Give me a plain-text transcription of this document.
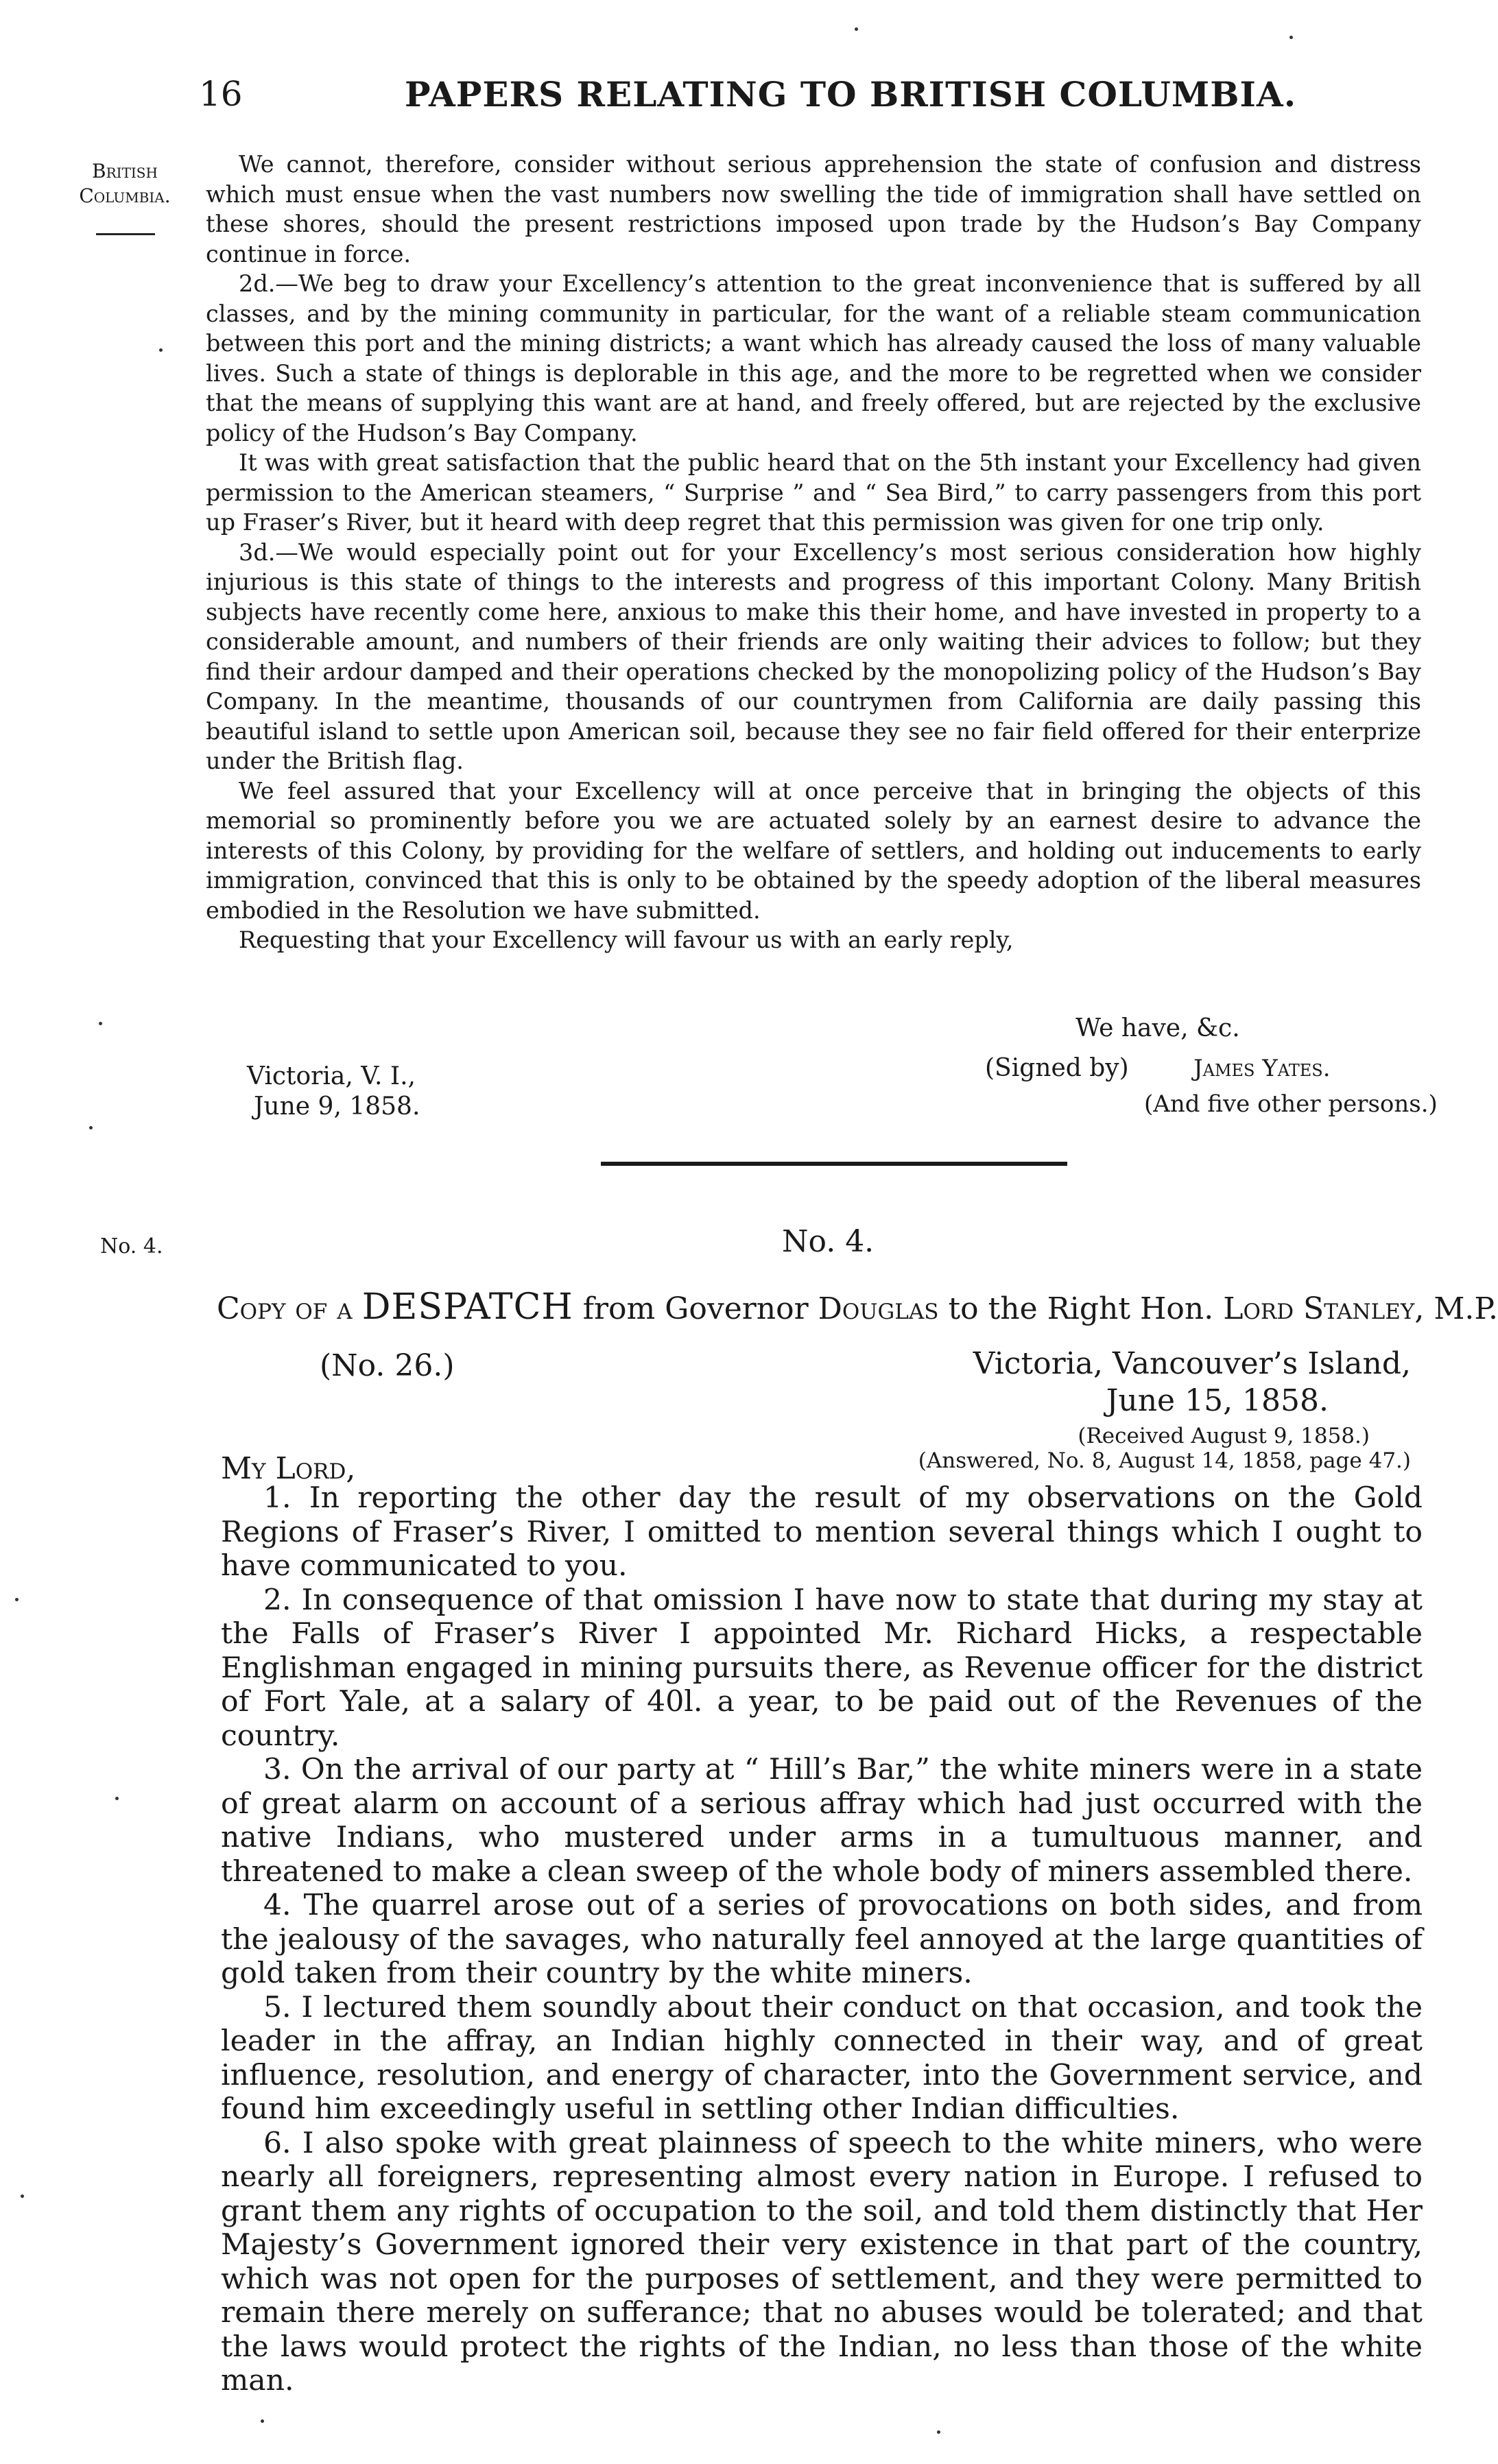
16	PAPERS RELATING TO BRITISH COLUMBIA.
British
Columbia.

We cannot, therefore, consider without serious apprehension the state of confusion and distress which must ensue when the vast numbers now swelling the tide of immigration shall have settled on these shores, should the present restrictions imposed upon trade by the Hudson’s Bay Company continue in force.

2d.—We beg to draw your Excellency’s attention to the great inconvenience that is suffered by all classes, and by the mining community in particular, for the want of a reliable steam communication between this port and the mining districts; a want which has already caused the loss of many valuable lives. Such a state of things is deplorable in this age, and the more to be regretted when we consider that the means of supplying this want are at hand, and freely offered, but are rejected by the exclusive policy of the Hudson’s Bay Company.

It was with great satisfaction that the public heard that on the 5th instant your Excellency had given permission to the American steamers, “ Surprise ” and “ Sea Bird,” to carry passengers from this port up Fraser’s River, but it heard with deep regret that this permission was given for one trip only.

3d.—We would especially point out for your Excellency’s most serious consideration how highly injurious is this state of things to the interests and progress of this important Colony. Many British subjects have recently come here, anxious to make this their home, and have invested in property to a considerable amount, and numbers of their friends are only waiting their advices to follow; but they find their ardour damped and their operations checked by the monopolizing policy of the Hudson’s Bay Company. In the meantime, thousands of our countrymen from California are daily passing this beautiful island to settle upon American soil, because they see no fair field offered for their enterprize under the British flag.

We feel assured that your Excellency will at once perceive that in bringing the objects of this memorial so prominently before you we are actuated solely by an earnest desire to advance the interests of this Colony, by providing for the welfare of settlers, and holding out inducements to early immigration, convinced that this is only to be obtained by the speedy adoption of the liberal measures embodied in the Resolution we have submitted.

Requesting that your Excellency will favour us with an early reply,

We have, &c.
Victoria, V. I.,
June 9, 1858.
(Signed by)	James Yates.
(And five other persons.)
No. 4.	No. 4.
Copy of a DESPATCH from Governor Douglas to the Right Hon. Lord Stanley, M.P.
(No. 26.)	Victoria, Vancouver’s Island,
June 15, 1858.
(Received August 9, 1858.)
(Answered, No. 8, August 14, 1858, page 47.)
My Lord,

1. In reporting the other day the result of my observations on the Gold Regions of Fraser’s River, I omitted to mention several things which I ought to have communicated to you.

2. In consequence of that omission I have now to state that during my stay at the Falls of Fraser’s River I appointed Mr. Richard Hicks, a respectable Englishman engaged in mining pursuits there, as Revenue officer for the district of Fort Yale, at a salary of 40l. a year, to be paid out of the Revenues of the country.

3. On the arrival of our party at “ Hill’s Bar,” the white miners were in a state of great alarm on account of a serious affray which had just occurred with the native Indians, who mustered under arms in a tumultuous manner, and threatened to make a clean sweep of the whole body of miners assembled there.

4. The quarrel arose out of a series of provocations on both sides, and from the jealousy of the savages, who naturally feel annoyed at the large quantities of gold taken from their country by the white miners.

5. I lectured them soundly about their conduct on that occasion, and took the leader in the affray, an Indian highly connected in their way, and of great influence, resolution, and energy of character, into the Government service, and found him exceedingly useful in settling other Indian difficulties.

6. I also spoke with great plainness of speech to the white miners, who were nearly all foreigners, representing almost every nation in Europe. I refused to grant them any rights of occupation to the soil, and told them distinctly that Her Majesty’s Government ignored their very existence in that part of the country, which was not open for the purposes of settlement, and they were permitted to remain there merely on sufferance; that no abuses would be tolerated; and that the laws would protect the rights of the Indian, no less than those of the white man.
